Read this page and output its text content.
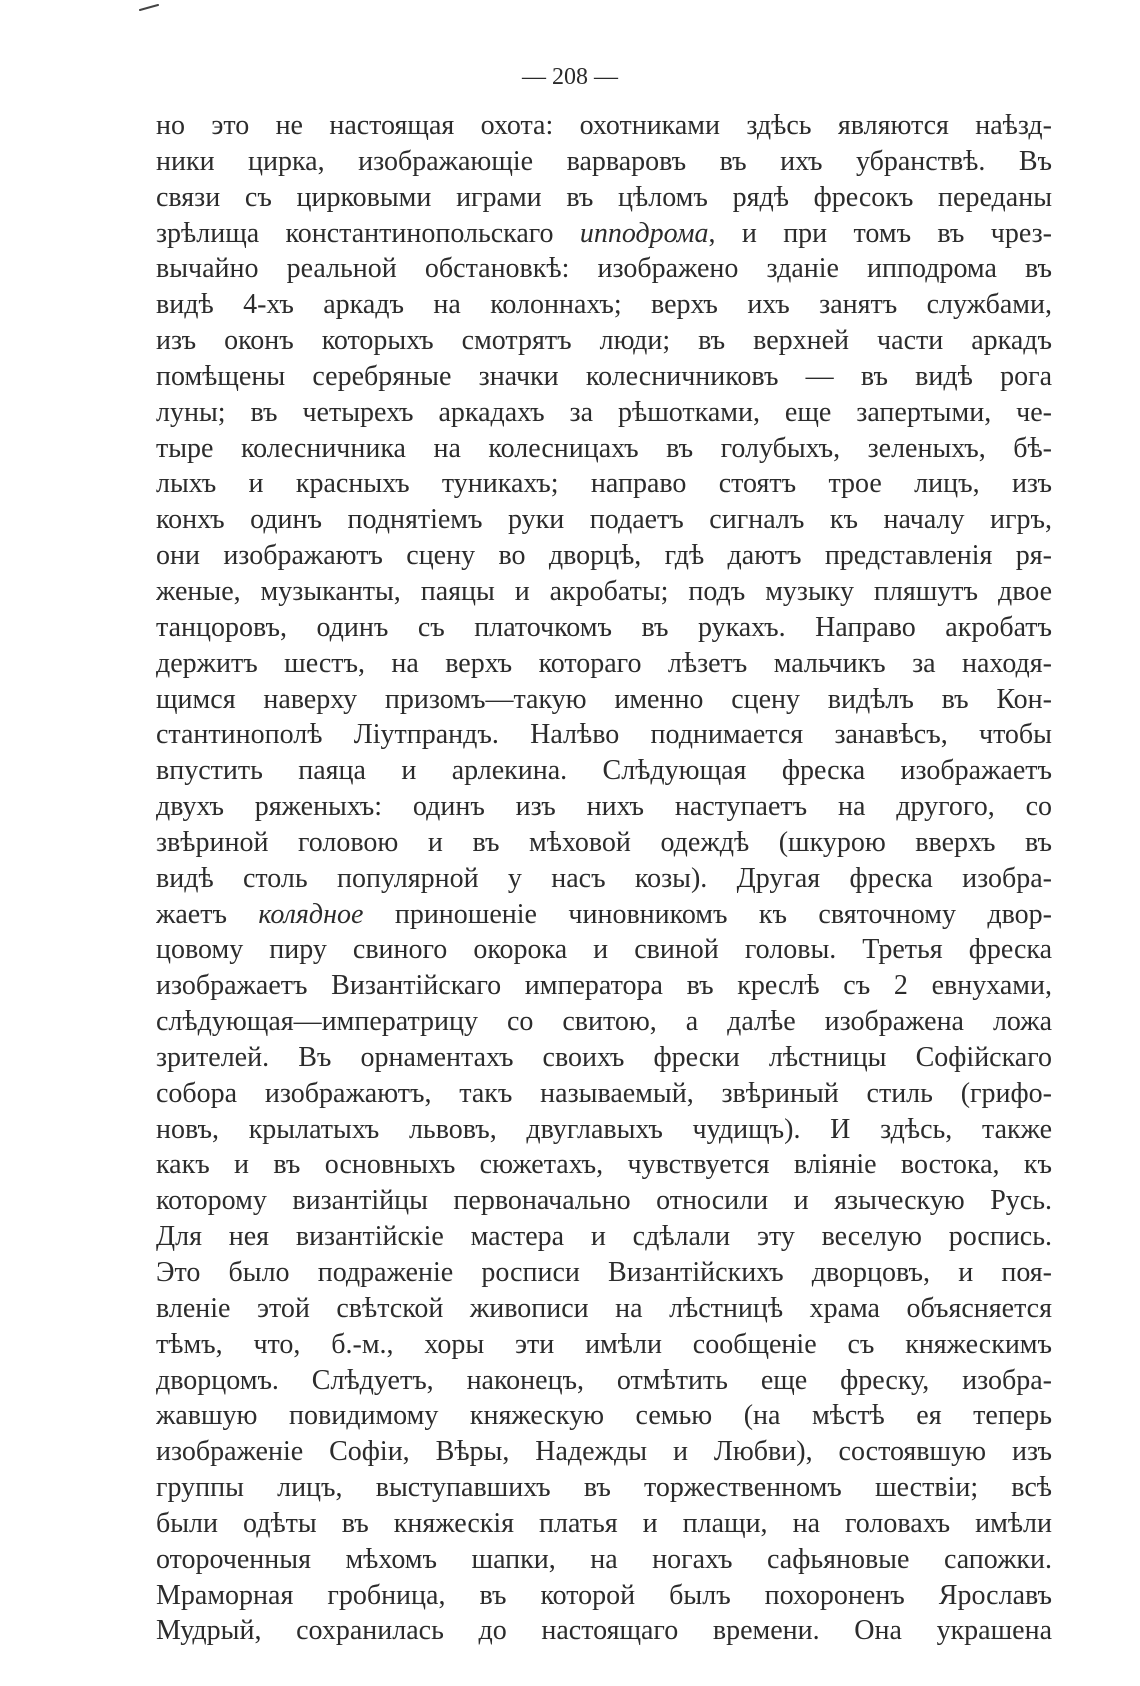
— 208 —
но это не настоящая охота: охотниками здѣсь являются наѣзд-
ники цирка, изображающіе варваровъ въ ихъ убранствѣ. Въ
связи съ цирковыми играми въ цѣломъ рядѣ фресокъ переданы
зрѣлища константинопольскаго ипподрома, и при томъ въ чрез-
вычайно реальной обстановкѣ: изображено зданіе ипподрома въ
видѣ 4-хъ аркадъ на колоннахъ; верхъ ихъ занятъ службами,
изъ оконъ которыхъ смотрятъ люди; въ верхней части аркадъ
помѣщены серебряные значки колесничниковъ — въ видѣ рога
луны; въ четырехъ аркадахъ за рѣшотками, еще запертыми, че-
тыре колесничника на колесницахъ въ голубыхъ, зеленыхъ, бѣ-
лыхъ и красныхъ туникахъ; направо стоятъ трое лицъ, изъ
конхъ одинъ поднятіемъ руки подаетъ сигналъ къ началу игръ,
они изображаютъ сцену во дворцѣ, гдѣ даютъ представленія ря-
женые, музыканты, паяцы и акробаты; подъ музыку пляшутъ двое
танцоровъ, одинъ съ платочкомъ въ рукахъ. Направо акробатъ
держитъ шестъ, на верхъ котораго лѣзетъ мальчикъ за находя-
щимся наверху призомъ—такую именно сцену видѣлъ въ Кон-
стантинополѣ Ліутпрандъ. Налѣво поднимается занавѣсъ, чтобы
впустить паяца и арлекина. Слѣдующая фреска изображаетъ
двухъ ряженыхъ: одинъ изъ нихъ наступаетъ на другого, со
звѣриной головою и въ мѣховой одеждѣ (шкурою вверхъ въ
видѣ столь популярной у насъ козы). Другая фреска изобра-
жаетъ колядное приношеніе чиновникомъ къ святочному двор-
цовому пиру свиного окорока и свиной головы. Третья фреска
изображаетъ Византійскаго императора въ креслѣ съ 2 евнухами,
слѣдующая—императрицу со свитою, а далѣе изображена ложа
зрителей. Въ орнаментахъ своихъ фрески лѣстницы Софійскаго
собора изображаютъ, такъ называемый, звѣриный стиль (грифо-
новъ, крылатыхъ львовъ, двуглавыхъ чудищъ). И здѣсь, также
какъ и въ основныхъ сюжетахъ, чувствуется вліяніе востока, къ
которому византійцы первоначально относили и языческую Русь.
Для нея византійскіе мастера и сдѣлали эту веселую роспись.
Это было подраженіе росписи Византійскихъ дворцовъ, и поя-
вленіе этой свѣтской живописи на лѣстницѣ храма объясняется
тѣмъ, что, б.-м., хоры эти имѣли сообщеніе съ княжескимъ
дворцомъ. Слѣдуетъ, наконецъ, отмѣтить еще фреску, изобра-
жавшую повидимому княжескую семью (на мѣстѣ ея теперь
изображеніе Софіи, Вѣры, Надежды и Любви), состоявшую изъ
группы лицъ, выступавшихъ въ торжественномъ шествіи; всѣ
были одѣты въ княжескія платья и плащи, на головахъ имѣли
отороченныя мѣхомъ шапки, на ногахъ сафьяновые сапожки.
Мраморная гробница, въ которой былъ похороненъ Ярославъ
Мудрый, сохранилась до настоящаго времени. Она украшена
